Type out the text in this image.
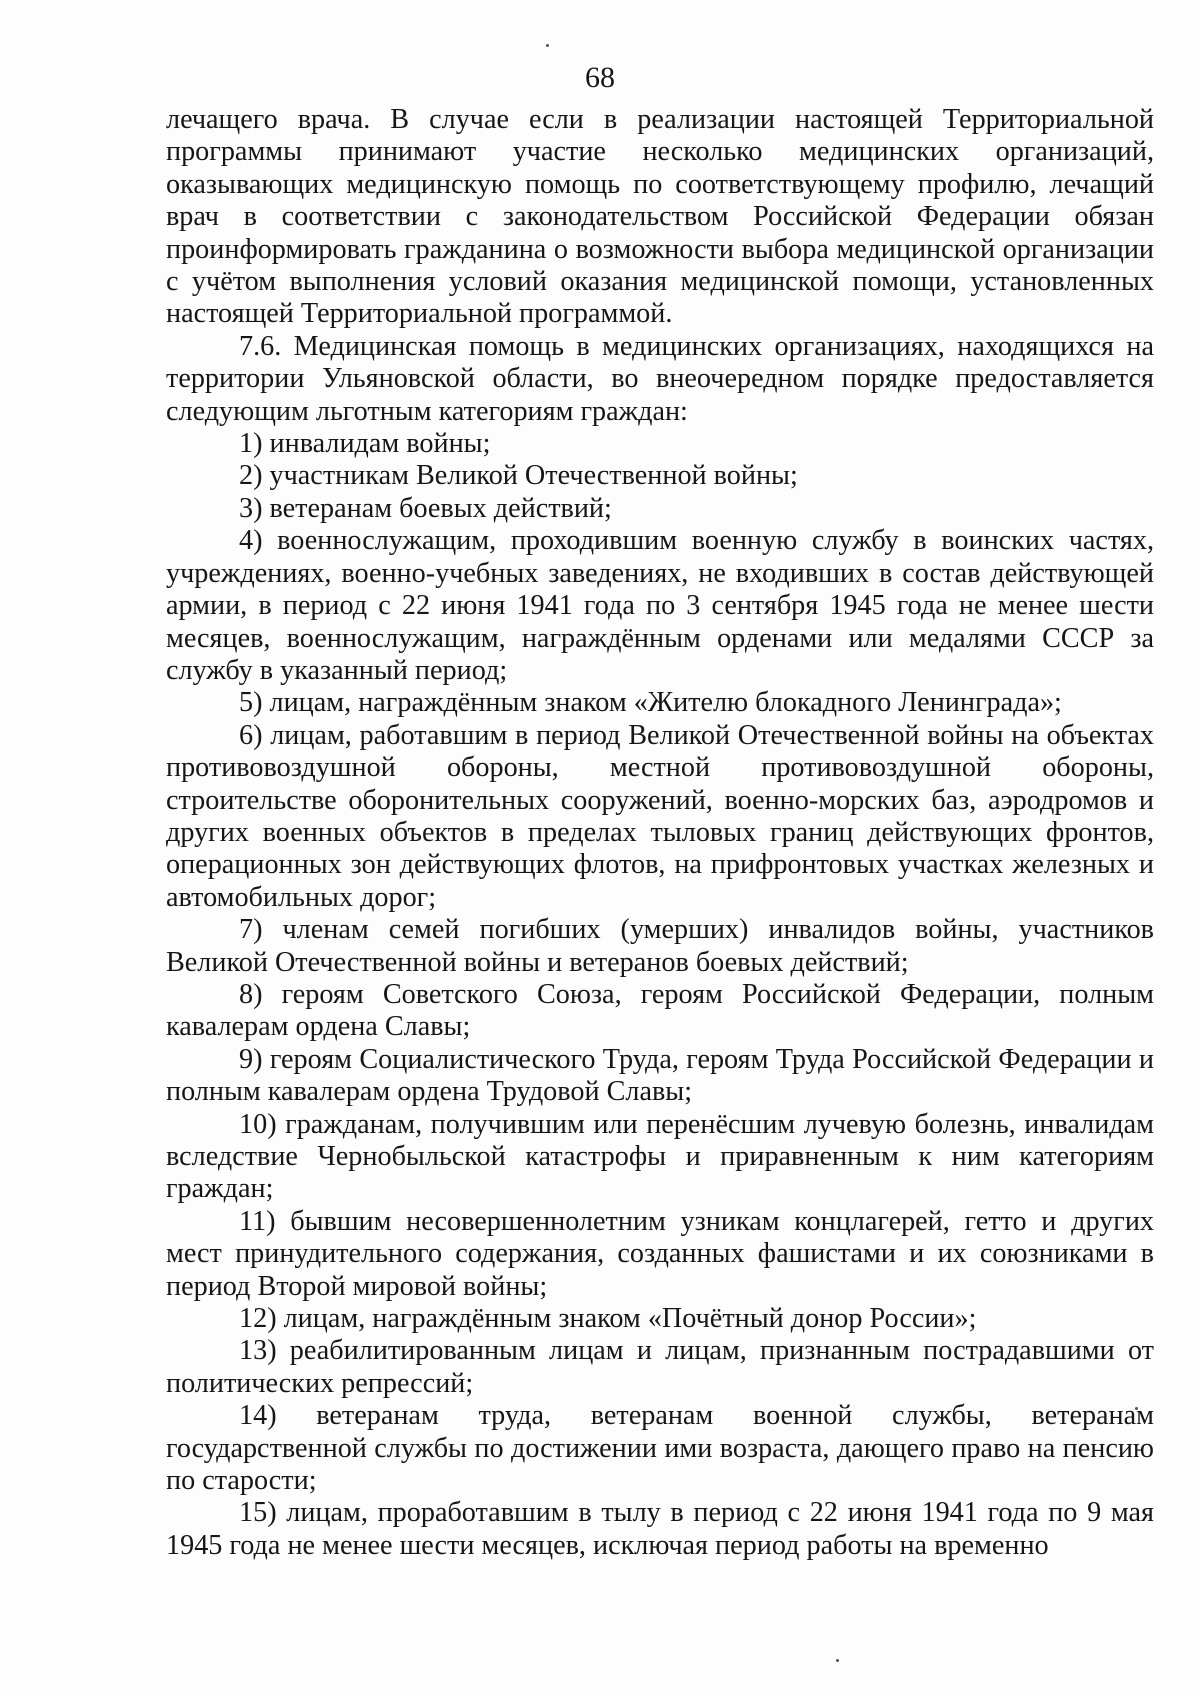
68

лечащего врача. В случае если в реализации настоящей Территориальной программы принимают участие несколько медицинских организаций, оказывающих медицинскую помощь по соответствующему профилю, лечащий врач в соответствии с законодательством Российской Федерации обязан проинформировать гражданина о возможности выбора медицинской организации с учётом выполнения условий оказания медицинской помощи, установленных настоящей Территориальной программой.

7.6. Медицинская помощь в медицинских организациях, находящихся на территории Ульяновской области, во внеочередном порядке предоставляется следующим льготным категориям граждан:

1) инвалидам войны;

2) участникам Великой Отечественной войны;

3) ветеранам боевых действий;

4) военнослужащим, проходившим военную службу в воинских частях, учреждениях, военно-учебных заведениях, не входивших в состав действующей армии, в период с 22 июня 1941 года по 3 сентября 1945 года не менее шести месяцев, военнослужащим, награждённым орденами или медалями СССР за службу в указанный период;

5) лицам, награждённым знаком «Жителю блокадного Ленинграда»;

6) лицам, работавшим в период Великой Отечественной войны на объектах противовоздушной обороны, местной противовоздушной обороны, строительстве оборонительных сооружений, военно-морских баз, аэродромов и других военных объектов в пределах тыловых границ действующих фронтов, операционных зон действующих флотов, на прифронтовых участках железных и автомобильных дорог;

7) членам семей погибших (умерших) инвалидов войны, участников Великой Отечественной войны и ветеранов боевых действий;

8) героям Советского Союза, героям Российской Федерации, полным кавалерам ордена Славы;

9) героям Социалистического Труда, героям Труда Российской Федерации и полным кавалерам ордена Трудовой Славы;

10) гражданам, получившим или перенёсшим лучевую болезнь, инвалидам вследствие Чернобыльской катастрофы и приравненным к ним категориям граждан;

11) бывшим несовершеннолетним узникам концлагерей, гетто и других мест принудительного содержания, созданных фашистами и их союзниками в период Второй мировой войны;

12) лицам, награждённым знаком «Почётный донор России»;

13) реабилитированным лицам и лицам, признанным пострадавшими от политических репрессий;

14) ветеранам труда, ветеранам военной службы, ветеранам государственной службы по достижении ими возраста, дающего право на пенсию по старости;

15) лицам, проработавшим в тылу в период с 22 июня 1941 года по 9 мая 1945 года не менее шести месяцев, исключая период работы на временно
